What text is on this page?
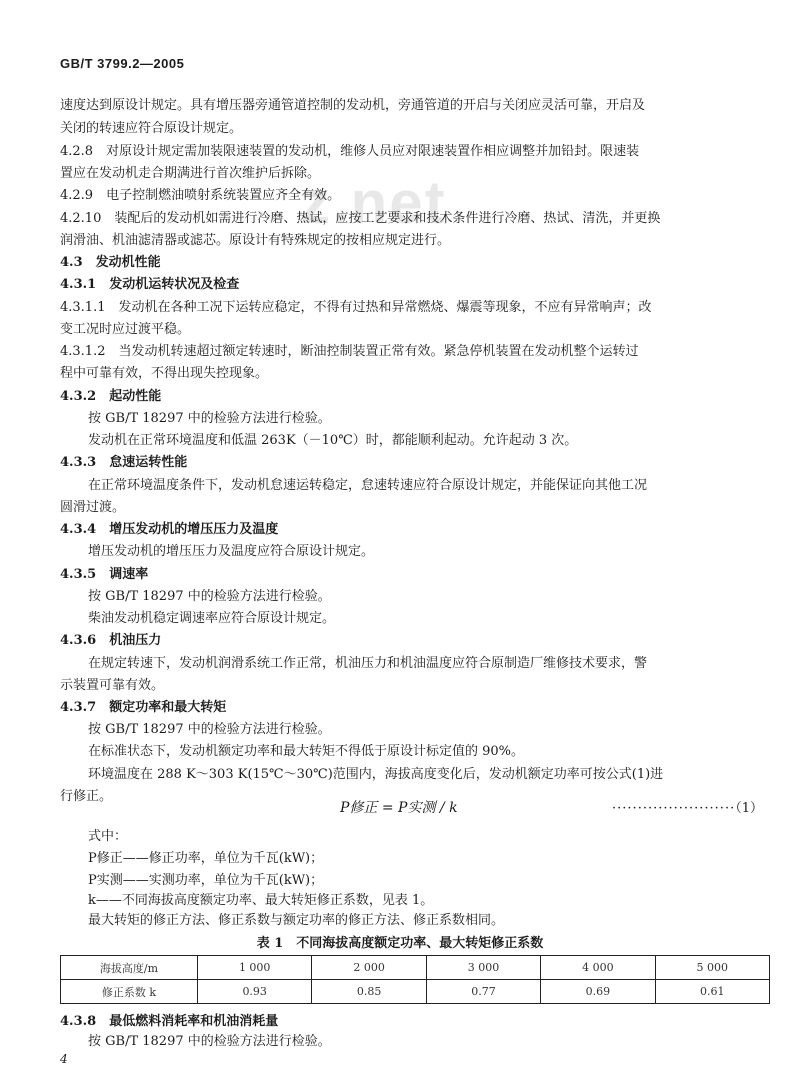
GB/T 3799.2—2005
z.net
速度达到原设计规定。具有增压器旁通管道控制的发动机，旁通管道的开启与关闭应灵活可靠，开启及
关闭的转速应符合原设计规定。
4.2.8　对原设计规定需加装限速装置的发动机，维修人员应对限速装置作相应调整并加铅封。限速装
置应在发动机走合期满进行首次维护后拆除。
4.2.9　电子控制燃油喷射系统装置应齐全有效。
4.2.10　装配后的发动机如需进行冷磨、热试，应按工艺要求和技术条件进行冷磨、热试、清洗，并更换
润滑油、机油滤清器或滤芯。原设计有特殊规定的按相应规定进行。
4.3　发动机性能
4.3.1　发动机运转状况及检查
4.3.1.1　发动机在各种工况下运转应稳定，不得有过热和异常燃烧、爆震等现象，不应有异常响声；改
变工况时应过渡平稳。
4.3.1.2　当发动机转速超过额定转速时，断油控制装置正常有效。紧急停机装置在发动机整个运转过
程中可靠有效，不得出现失控现象。
4.3.2　起动性能
按 GB/T 18297 中的检验方法进行检验。
发动机在正常环境温度和低温 263K（－10℃）时，都能顺利起动。允许起动 3 次。
4.3.3　怠速运转性能
在正常环境温度条件下，发动机怠速运转稳定，怠速转速应符合原设计规定，并能保证向其他工况
圆滑过渡。
4.3.4　增压发动机的增压压力及温度
增压发动机的增压压力及温度应符合原设计规定。
4.3.5　调速率
按 GB/T 18297 中的检验方法进行检验。
柴油发动机稳定调速率应符合原设计规定。
4.3.6　机油压力
在规定转速下，发动机润滑系统工作正常，机油压力和机油温度应符合原制造厂维修技术要求，警
示装置可靠有效。
4.3.7　额定功率和最大转矩
按 GB/T 18297 中的检验方法进行检验。
在标准状态下，发动机额定功率和最大转矩不得低于原设计标定值的 90%。
环境温度在 288 K～303 K(15℃～30℃)范围内，海拔高度变化后，发动机额定功率可按公式(1)进
行修正。
P修正 = P实测 / k	························（1）
式中：
P修正——修正功率，单位为千瓦(kW)；
P实测——实测功率，单位为千瓦(kW)；
k——不同海拔高度额定功率、最大转矩修正系数，见表 1。
最大转矩的修正方法、修正系数与额定功率的修正方法、修正系数相同。
表 1　不同海拔高度额定功率、最大转矩修正系数
海拔高度/m	1 000	2 000	3 000	4 000	5 000
修正系数 k	0.93	0.85	0.77	0.69	0.61
4.3.8　最低燃料消耗率和机油消耗量
按 GB/T 18297 中的检验方法进行检验。
4
